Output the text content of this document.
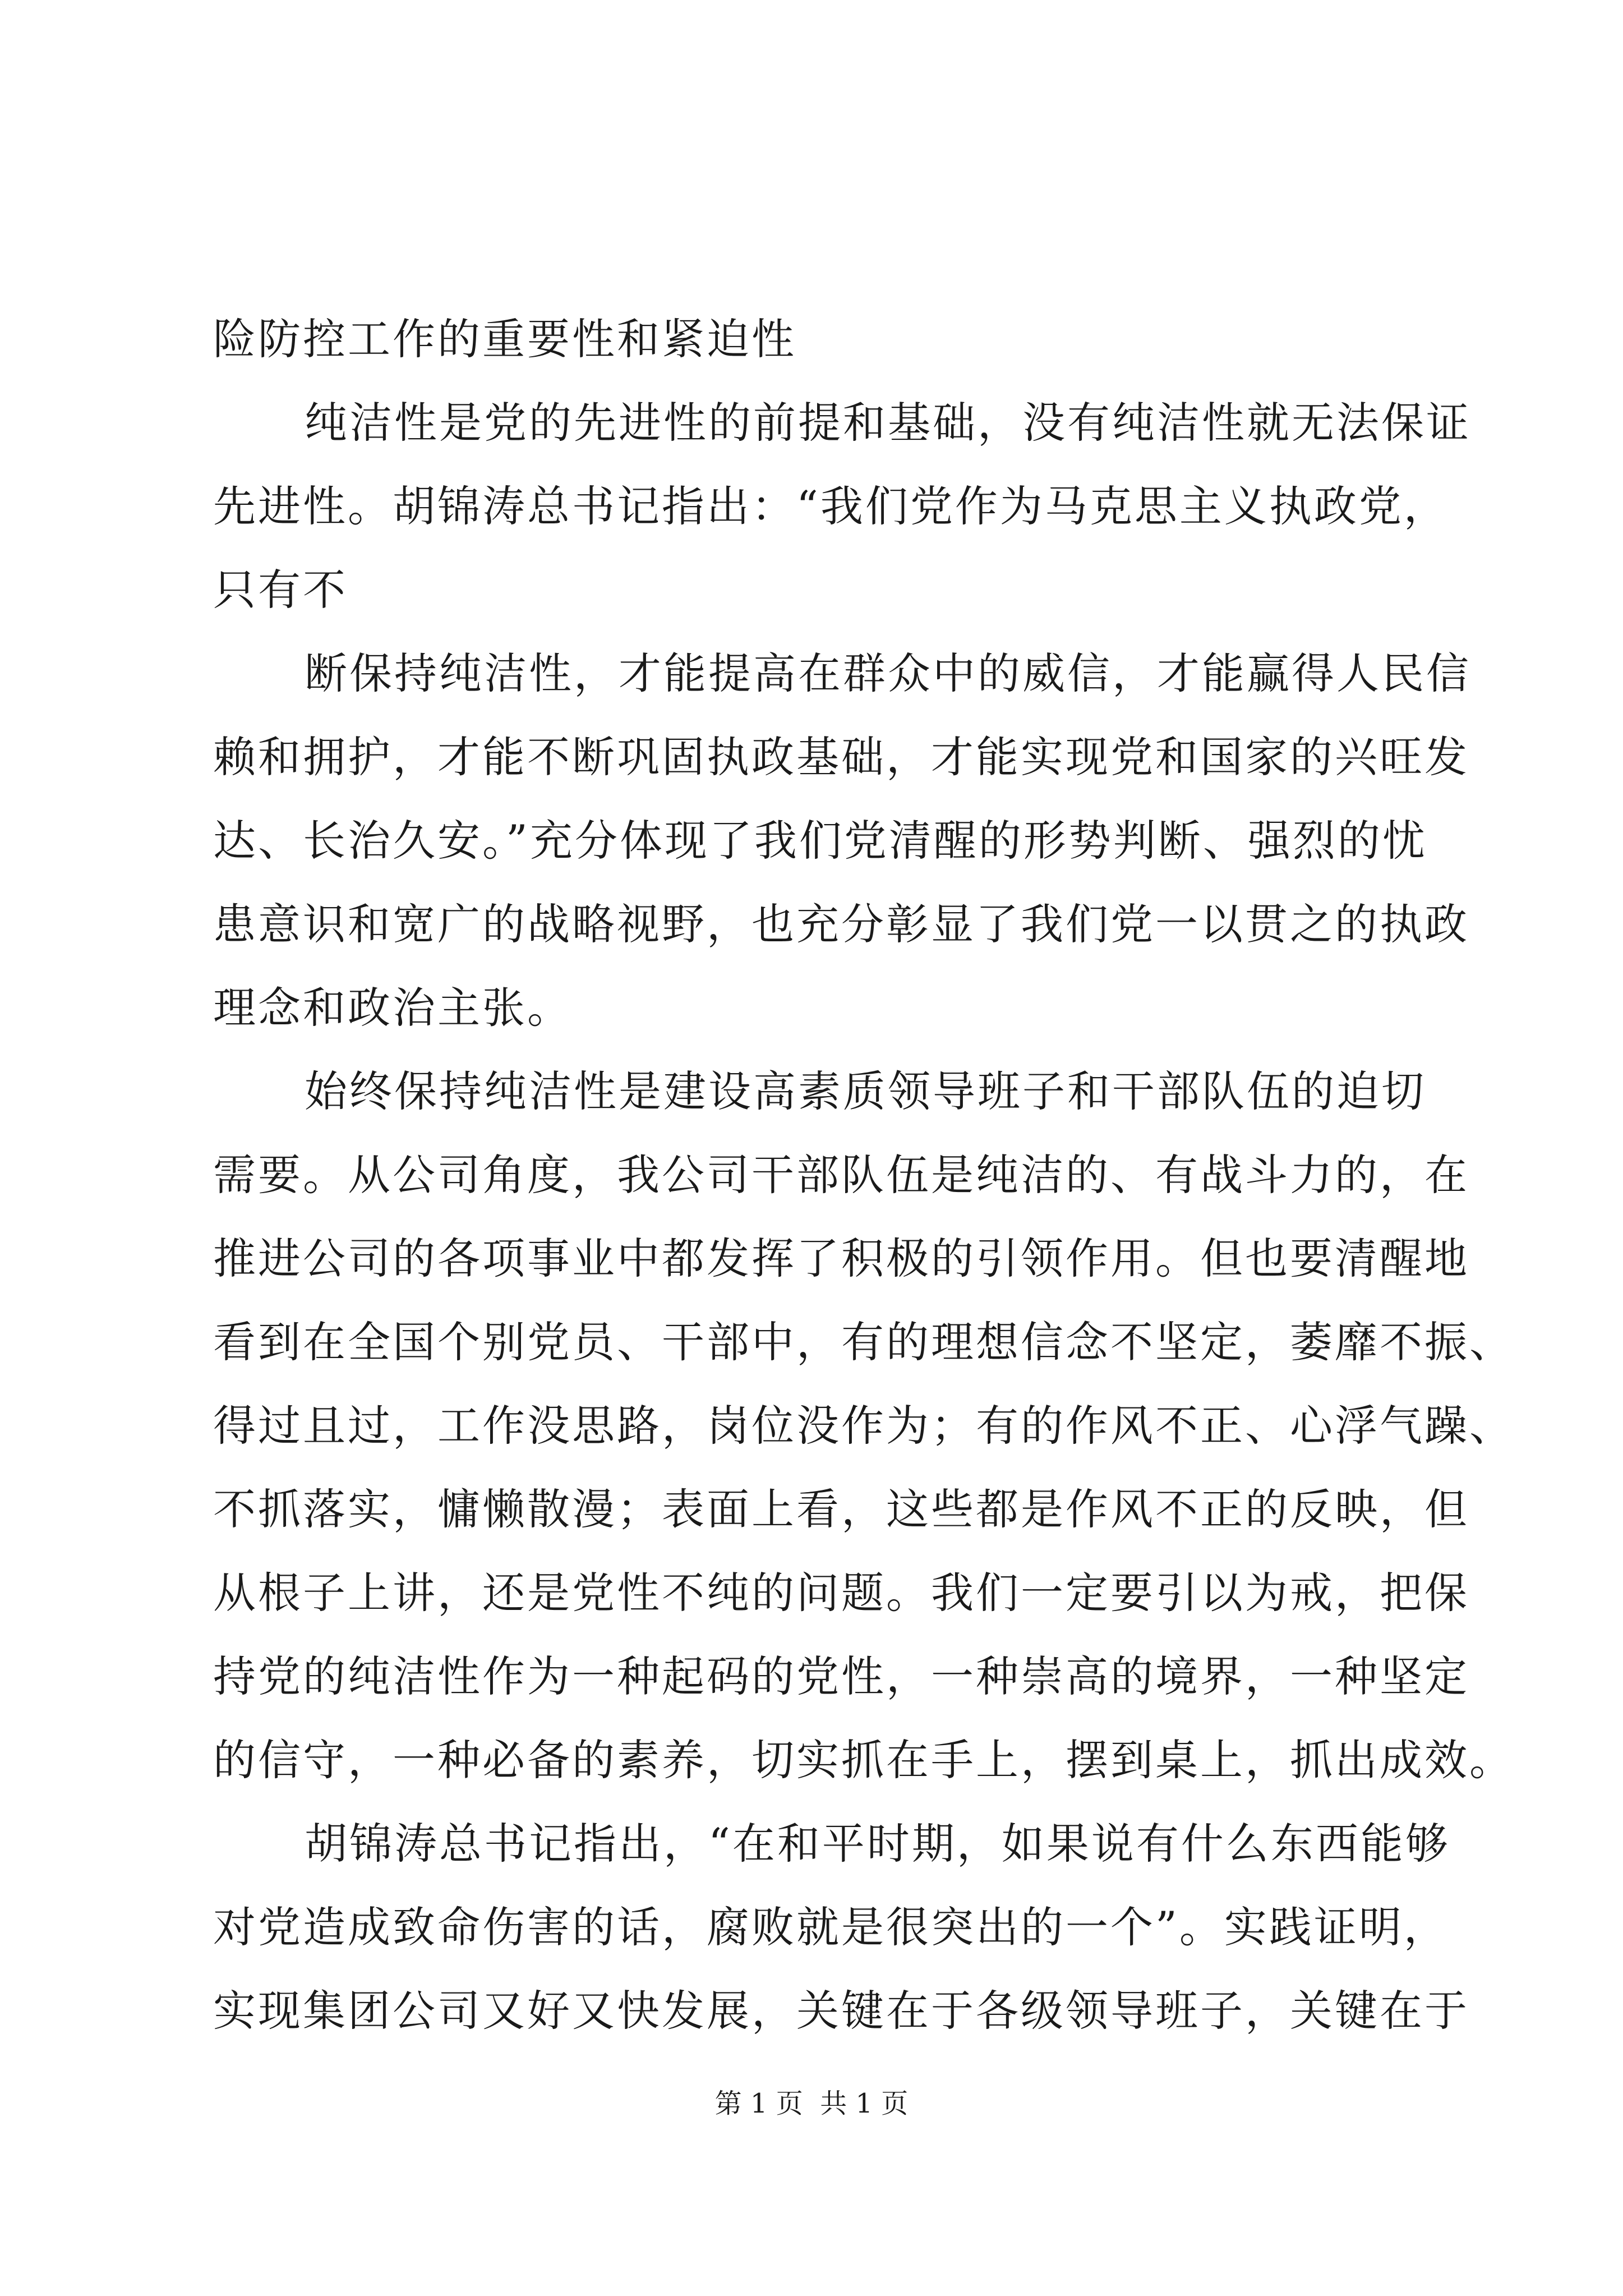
险防控工作的重要性和紧迫性
纯洁性是党的先进性的前提和基础，没有纯洁性就无法保证
先进性。胡锦涛总书记指出：“我们党作为马克思主义执政党，
只有不
断保持纯洁性，才能提高在群众中的威信，才能赢得人民信
赖和拥护，才能不断巩固执政基础，才能实现党和国家的兴旺发
达、长治久安。”充分体现了我们党清醒的形势判断、强烈的忧
患意识和宽广的战略视野，也充分彰显了我们党一以贯之的执政
理念和政治主张。
始终保持纯洁性是建设高素质领导班子和干部队伍的迫切
需要。从公司角度，我公司干部队伍是纯洁的、有战斗力的，在
推进公司的各项事业中都发挥了积极的引领作用。但也要清醒地
看到在全国个别党员、干部中，有的理想信念不坚定，萎靡不振、
得过且过，工作没思路，岗位没作为；有的作风不正、心浮气躁、
不抓落实，慵懒散漫；表面上看，这些都是作风不正的反映，但
从根子上讲，还是党性不纯的问题。我们一定要引以为戒，把保
持党的纯洁性作为一种起码的党性，一种崇高的境界，一种坚定
的信守，一种必备的素养，切实抓在手上，摆到桌上，抓出成效。
胡锦涛总书记指出，“在和平时期，如果说有什么东西能够
对党造成致命伤害的话，腐败就是很突出的一个”。实践证明，
实现集团公司又好又快发展，关键在于各级领导班子，关键在于
第 1 页  共 1 页
